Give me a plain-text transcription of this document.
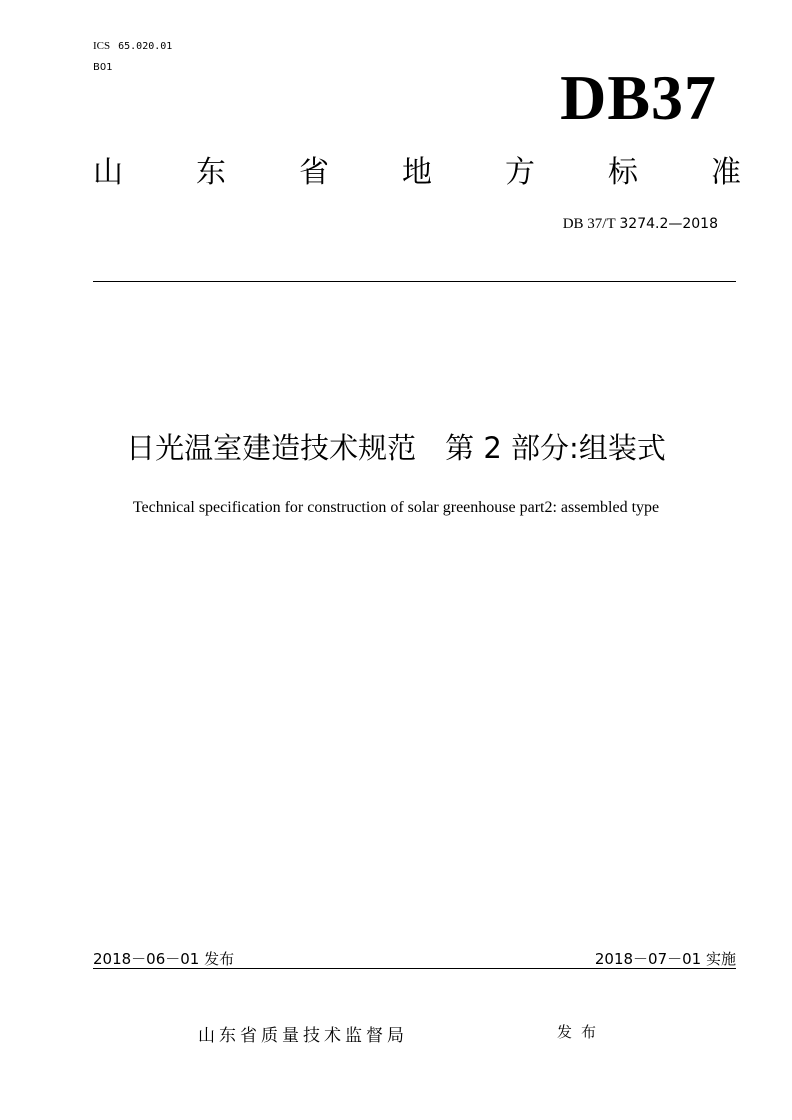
ICS 65.020.01
B01	DB37
山 东 省 地 方 标 准
DB 37/T 3274.2—2018
日光温室建造技术规范　第 2 部分:组装式
Technical specification for construction of solar greenhouse part2: assembled type
2018－06－01 发布	2018－07－01 实施
山东省质量技术监督局	发布
